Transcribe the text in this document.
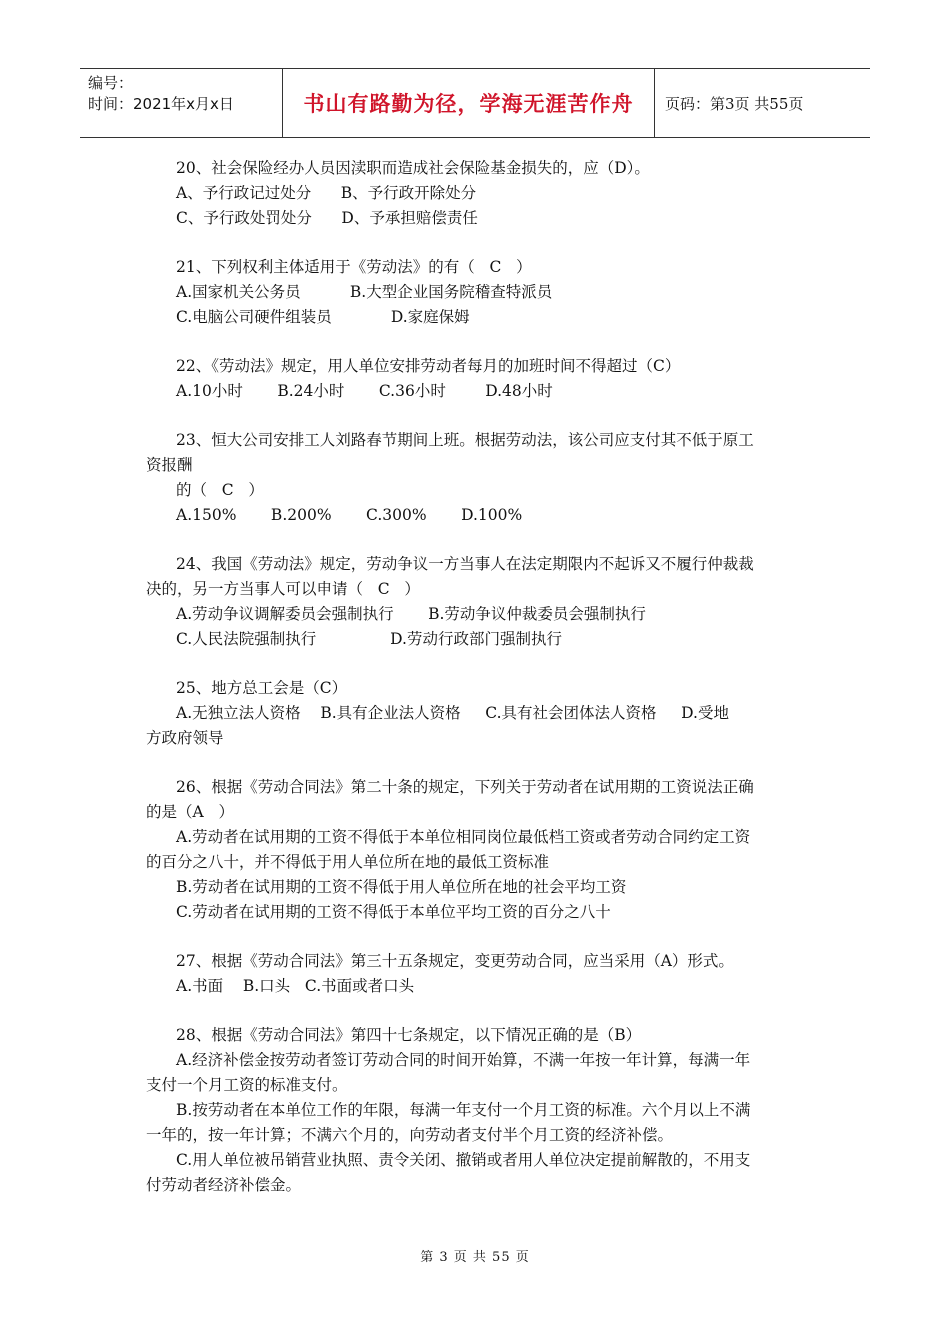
编号：
时间：2021年x月x日	书山有路勤为径，学海无涯苦作舟	页码：第3页 共55页
20、社会保险经办人员因渎职而造成社会保险基金损失的，应（D）。
A、予行政记过处分      B、予行政开除处分
C、予行政处罚处分      D、予承担赔偿责任
21、下列权利主体适用于《劳动法》的有（   C   ）
A.国家机关公务员          B.大型企业国务院稽查特派员
C.电脑公司硬件组装员            D.家庭保姆
22、《劳动法》规定，用人单位安排劳动者每月的加班时间不得超过（C）
A.10小时       B.24小时       C.36小时        D.48小时
23、恒大公司安排工人刘路春节期间上班。根据劳动法，该公司应支付其不低于原工
资报酬
的（   C   ）
A.150%       B.200%       C.300%       D.100%
24、我国《劳动法》规定，劳动争议一方当事人在法定期限内不起诉又不履行仲裁裁
决的，另一方当事人可以申请（   C   ）
A.劳动争议调解委员会强制执行       B.劳动争议仲裁委员会强制执行
C.人民法院强制执行               D.劳动行政部门强制执行
25、地方总工会是（C）
A.无独立法人资格    B.具有企业法人资格     C.具有社会团体法人资格     D.受地
方政府领导
26、根据《劳动合同法》第二十条的规定，下列关于劳动者在试用期的工资说法正确
的是（A   ）
A.劳动者在试用期的工资不得低于本单位相同岗位最低档工资或者劳动合同约定工资
的百分之八十，并不得低于用人单位所在地的最低工资标准
B.劳动者在试用期的工资不得低于用人单位所在地的社会平均工资
C.劳动者在试用期的工资不得低于本单位平均工资的百分之八十
27、根据《劳动合同法》第三十五条规定，变更劳动合同，应当采用（A）形式。
A.书面    B.口头   C.书面或者口头
28、根据《劳动合同法》第四十七条规定，以下情况正确的是（B）
A.经济补偿金按劳动者签订劳动合同的时间开始算，不满一年按一年计算，每满一年
支付一个月工资的标准支付。
B.按劳动者在本单位工作的年限，每满一年支付一个月工资的标准。六个月以上不满
一年的，按一年计算；不满六个月的，向劳动者支付半个月工资的经济补偿。
C.用人单位被吊销营业执照、责令关闭、撤销或者用人单位决定提前解散的，不用支
付劳动者经济补偿金。
第 3 页 共 55 页
